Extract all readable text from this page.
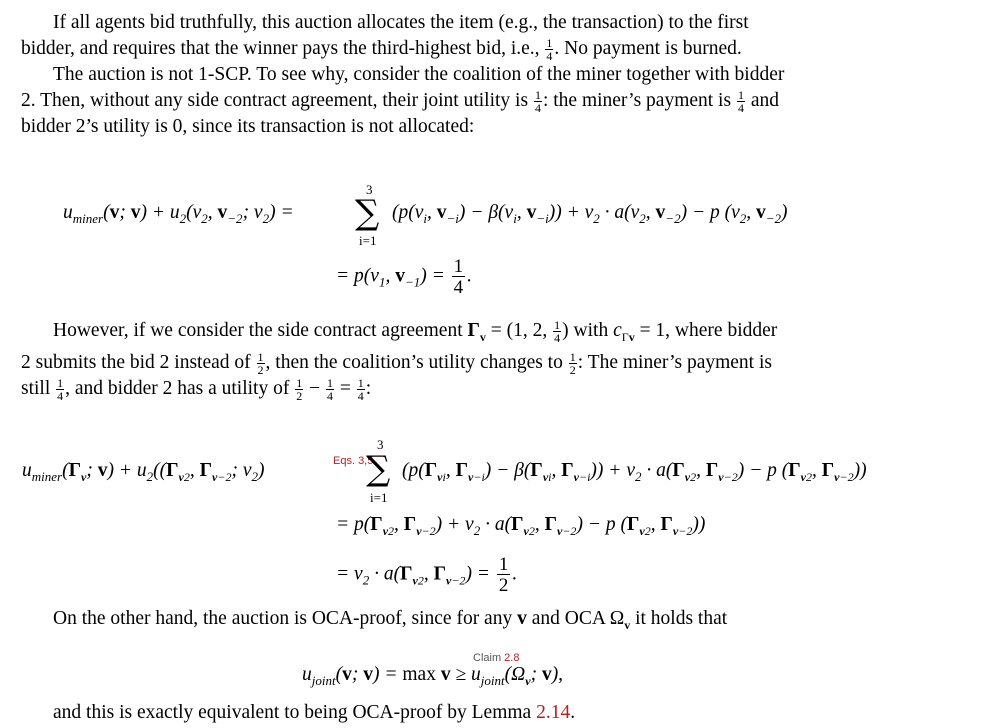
If all agents bid truthfully, this auction allocates the item (e.g., the transaction) to the first
bidder, and requires that the winner pays the third-highest bid, i.e., $\frac{1}{4}$ . No payment is burned.
The auction is not 1-SCP. To see why, consider the coalition of the miner together with bidder
2. Then, without any side contract agreement, their joint utility is $\frac{1}{4}$ : the miner’s payment is $\frac{1}{4}$ and
bidder 2’s utility is 0, since its transaction is not allocated:
3
∑
i=1
$u_{miner}(v$; $v) + u_2(v_2$, $v_{-2}$; $v_2$) =	($p(v_i$, $v_{-i}) - \beta(v_i$, $v_{-i})) + v_2 \cdot a(v_2$, $v_{-2}) - p$ ($v_2$, $v_{-2}$)
= $p(v_1$, $v_{-1}) = \frac{1}{4}$ .
However, if we consider the side contract agreement $\Gamma_v = (1$, 2, $\frac{1}{4}$ ) with $c_{\Gamma v} = 1$, where bidder
2 submits the bid 2 instead of $\frac{1}{2}$ , then the coalition’s utility changes to $\frac{1}{2}$ : The miner’s payment is
still $\frac{1}{4}$ , and bidder 2 has a utility of $\frac{1}{2} - \frac{1}{4} = \frac{1}{4}$ :
3
Eqs. 3,5
∑
i=1
$u_{miner}(\Gamma_v$; $v) + u_2((\Gamma_{v2}$, $\Gamma_{v-2}$; $v_2$)	($p(\Gamma_{vi}$, $\Gamma_{v-i}) - \beta(\Gamma_{vi}$, $\Gamma_{v-i})) + v_2 \cdot a(\Gamma_{v2}$, $\Gamma_{v-2}) - p$ ($\Gamma_{v2}$, $\Gamma_{v-2}$))
= $p(\Gamma_{v2}$, $\Gamma_{v-2}) + v_2 \cdot a(\Gamma_{v2}$, $\Gamma_{v-2}) - p$ ($\Gamma_{v2}$, $\Gamma_{v-2}$))
= $v_2 \cdot a(\Gamma_{v2}$, $\Gamma_{v-2}) = \frac{1}{2}$ .
On the other hand, the auction is OCA-proof, since for any v and OCA $\Omega_v$ it holds that
Claim 2.8
$u_{joint}(v$; $v) = \max v \ge u_{joint}(\Omega_v$; v),
and this is exactly equivalent to being OCA-proof by Lemma 2.14.
